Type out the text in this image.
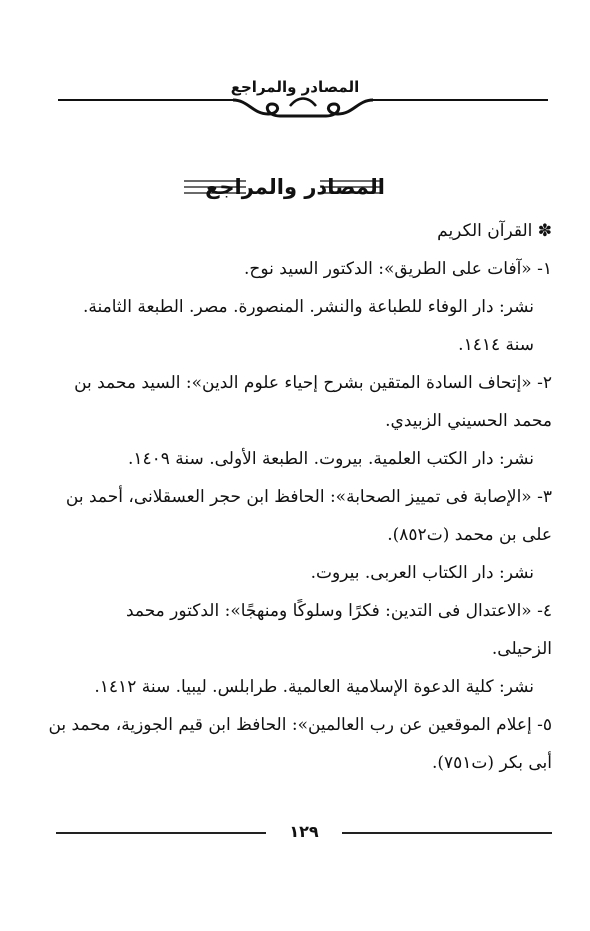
المصادر والمراجع
المصادر والمراجع
✽ القرآن الكريم
١- «آفات على الطريق»: الدكتور السيد نوح.
نشر: دار الوفاء للطباعة والنشر. المنصورة. مصر. الطبعة الثامنة.
سنة ١٤١٤.
٢- «إتحاف السادة المتقين بشرح إحياء علوم الدين»: السيد محمد بن
محمد الحسيني الزبيدي.
نشر: دار الكتب العلمية. بيروت. الطبعة الأولى. سنة ١٤٠٩.
٣- «الإصابة فى تمييز الصحابة»: الحافظ ابن حجر العسقلانى، أحمد بن
على بن محمد (ت٨٥٢).
نشر: دار الكتاب العربى. بيروت.
٤- «الاعتدال فى التدين: فكرًا وسلوكًا ومنهجًا»: الدكتور محمد
الزحيلى.
نشر: كلية الدعوة الإسلامية العالمية. طرابلس. ليبيا. سنة ١٤١٢.
٥- إعلام الموقعين عن رب العالمين»: الحافظ ابن قيم الجوزية، محمد بن
أبى بكر (ت٧٥١).
١٢٩
